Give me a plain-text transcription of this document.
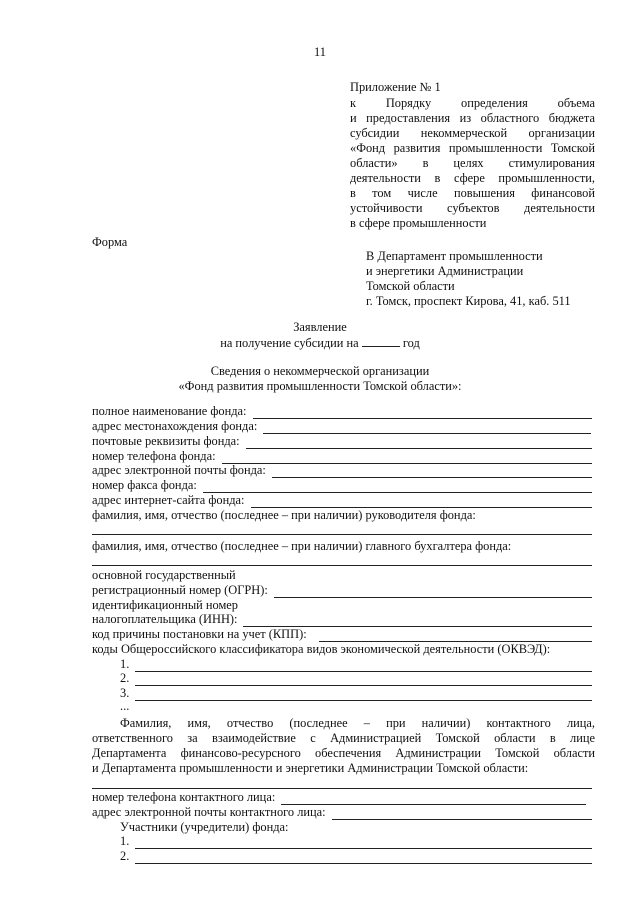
11
Приложение № 1
к Порядку определения объема
и предоставления из областного бюджета
субсидии некоммерческой организации
«Фонд развития промышленности Томской
области» в целях стимулирования
деятельности в сфере промышленности,
в том числе повышения финансовой
устойчивости субъектов деятельности
в сфере промышленности
Форма
В Департамент промышленности
и энергетики Администрации
Томской области
г. Томск, проспект Кирова, 41, каб. 511
Заявление
на получение субсидии на	год
Сведения о некоммерческой организации
«Фонд развития промышленности Томской области»:
полное наименование фонда:
адрес местонахождения фонда:
почтовые реквизиты фонда:
номер телефона фонда:
адрес электронной почты фонда:
номер факса фонда:
адрес интернет-сайта фонда:
фамилия, имя, отчество (последнее – при наличии) руководителя фонда:
фамилия, имя, отчество (последнее – при наличии) главного бухгалтера фонда:
основной государственный
регистрационный номер (ОГРН):
идентификационный номер
налогоплательщика (ИНН):
код причины постановки на учет (КПП):
коды Общероссийского классификатора видов экономической деятельности (ОКВЭД):
1.
2.
3.
...
Фамилия, имя, отчество (последнее – при наличии) контактного лица,
ответственного за взаимодействие с Администрацией Томской области в лице
Департамента финансово-ресурсного обеспечения Администрации Томской области
и Департамента промышленности и энергетики Администрации Томской области:
номер телефона контактного лица:
адрес электронной почты контактного лица:
Участники (учредители) фонда:
1.
2.
